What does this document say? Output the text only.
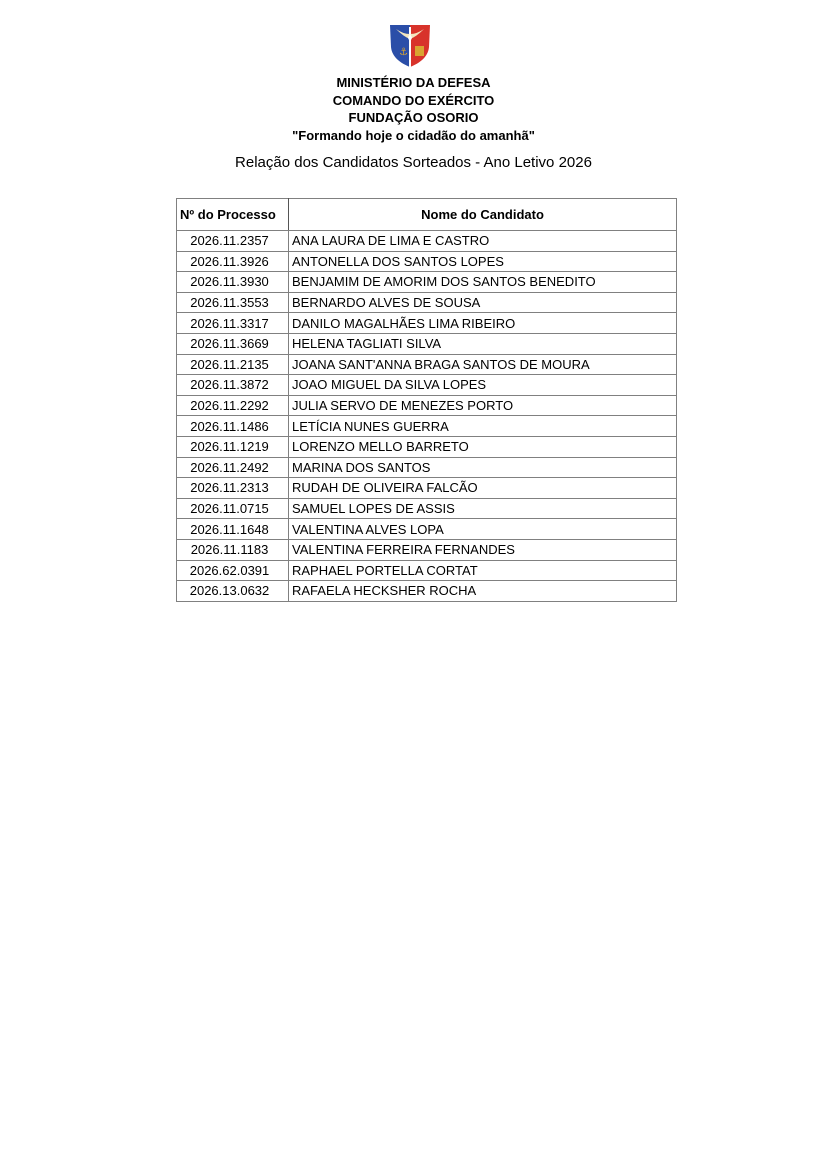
⚓
MINISTÉRIO DA DEFESA
COMANDO DO EXÉRCITO
FUNDAÇÃO OSORIO
"Formando hoje o cidadão do amanhã"
Relação dos Candidatos Sorteados - Ano Letivo 2026
Nº do Processo	Nome do Candidato
2026.11.2357	ANA LAURA DE LIMA E CASTRO
2026.11.3926	ANTONELLA DOS SANTOS LOPES
2026.11.3930	BENJAMIM DE AMORIM DOS SANTOS BENEDITO
2026.11.3553	BERNARDO ALVES DE SOUSA
2026.11.3317	DANILO MAGALHÃES LIMA RIBEIRO
2026.11.3669	HELENA TAGLIATI SILVA
2026.11.2135	JOANA SANT'ANNA BRAGA SANTOS DE MOURA
2026.11.3872	JOAO MIGUEL DA SILVA LOPES
2026.11.2292	JULIA SERVO DE MENEZES PORTO
2026.11.1486	LETÍCIA NUNES GUERRA
2026.11.1219	LORENZO MELLO BARRETO
2026.11.2492	MARINA DOS SANTOS
2026.11.2313	RUDAH DE OLIVEIRA FALCÃO
2026.11.0715	SAMUEL LOPES DE ASSIS
2026.11.1648	VALENTINA ALVES LOPA
2026.11.1183	VALENTINA FERREIRA FERNANDES
2026.62.0391	RAPHAEL PORTELLA CORTAT
2026.13.0632	RAFAELA HECKSHER ROCHA
